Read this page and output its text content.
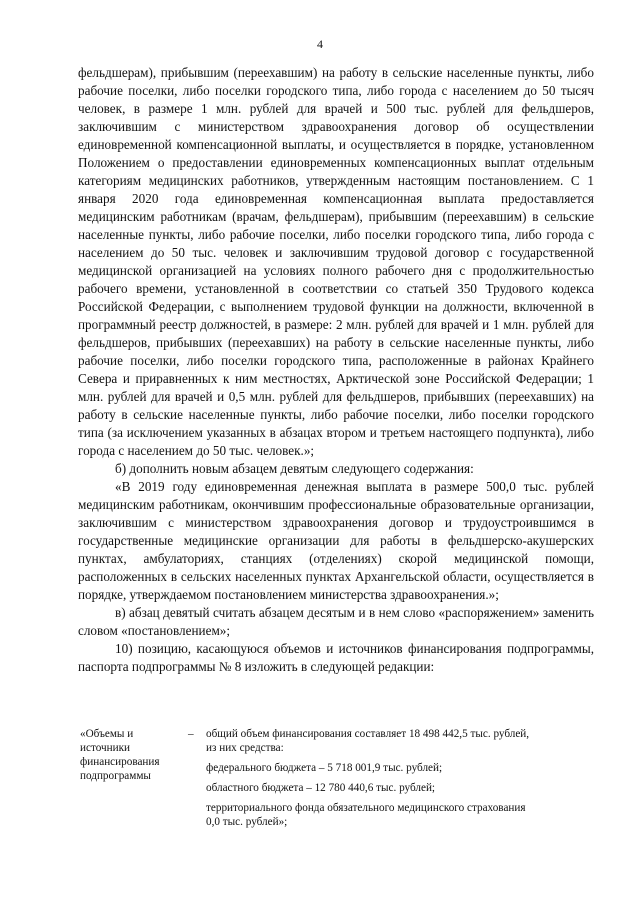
4

фельдшерам), прибывшим (переехавшим) на работу в сельские населенные пункты, либо рабочие поселки, либо поселки городского типа, либо города с населением до 50 тысяч человек, в размере 1 млн. рублей для врачей и 500 тыс. рублей для фельдшеров, заключившим с министерством здравоохранения договор об осуществлении единовременной компенсационной выплаты, и осуществляется в порядке, установленном Положением о предоставлении единовременных компенсационных выплат отдельным категориям медицинских работников, утвержденным настоящим постановлением. С 1 января 2020 года единовременная компенсационная выплата предоставляется медицинским работникам (врачам, фельдшерам), прибывшим (переехавшим) в сельские населенные пункты, либо рабочие поселки, либо поселки городского типа, либо города с населением до 50 тыс. человек и заключившим трудовой договор с государственной медицинской организацией на условиях полного рабочего дня с продолжительностью рабочего времени, установленной в соответствии со статьей 350 Трудового кодекса Российской Федерации, с выполнением трудовой функции на должности, включенной в программный реестр должностей, в размере: 2 млн. рублей для врачей и 1 млн. рублей для фельдшеров, прибывших (переехавших) на работу в сельские населенные пункты, либо рабочие поселки, либо поселки городского типа, расположенные в районах Крайнего Севера и приравненных к ним местностях, Арктической зоне Российской Федерации; 1 млн. рублей для врачей и 0,5 млн. рублей для фельдшеров, прибывших (переехавших) на работу в сельские населенные пункты, либо рабочие поселки, либо поселки городского типа (за исключением указанных в абзацах втором и третьем настоящего подпункта), либо города с населением до 50 тыс. человек.»;

б) дополнить новым абзацем девятым следующего содержания:

«В 2019 году единовременная денежная выплата в размере 500,0 тыс. рублей медицинским работникам, окончившим профессиональные образовательные организации, заключившим с министерством здравоохранения договор и трудоустроившимся в государственные медицинские организации для работы в фельдшерско-акушерских пунктах, амбулаториях, станциях (отделениях) скорой медицинской помощи, расположенных в сельских населенных пунктах Архангельской области, осуществляется в порядке, утверждаемом постановлением министерства здравоохранения.»;

в) абзац девятый считать абзацем десятым и в нем слово «распоряжением» заменить словом «постановлением»;

10) позицию, касающуюся объемов и источников финансирования подпрограммы, паспорта подпрограммы № 8 изложить в следующей редакции:

«Объемы и источники финансирования подпрограммы
–	общий объем финансирования составляет 18 498 442,5 тыс. рублей,
из них средства:

федерального бюджета – 5 718 001,9 тыс. рублей;

областного бюджета – 12 780 440,6 тыс. рублей;

территориального фонда обязательного медицинского страхования
0,0 тыс. рублей»;
